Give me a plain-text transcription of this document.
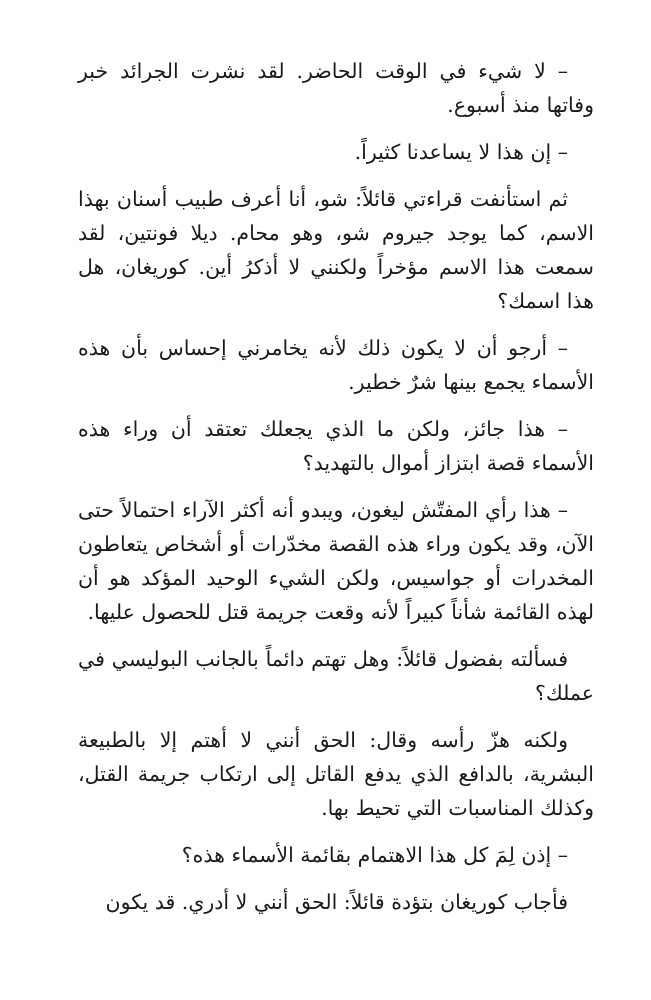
– لا شيء في الوقت الحاضر. لقد نشرت الجرائد خبر وفاتها منذ أسبوع.

– إن هذا لا يساعدنا كثيراً.

ثم استأنفت قراءتي قائلاً: شو، أنا أعرف طبيب أسنان بهذا الاسم، كما يوجد جيروم شو، وهو محام. ديلا فونتين، لقد سمعت هذا الاسم مؤخراً ولكنني لا أذكرُ أين. كوريغان، هل هذا اسمك؟

– أرجو أن لا يكون ذلك لأنه يخامرني إحساس بأن هذه الأسماء يجمع بينها شرٌ خطير.

– هذا جائز، ولكن ما الذي يجعلك تعتقد أن وراء هذه الأسماء قصة ابتزاز أموال بالتهديد؟

– هذا رأي المفتّش ليغون، ويبدو أنه أكثر الآراء احتمالاً حتى الآن، وقد يكون وراء هذه القصة مخدّرات أو أشخاص يتعاطون المخدرات أو جواسيس، ولكن الشيء الوحيد المؤكد هو أن لهذه القائمة شأناً كبيراً لأنه وقعت جريمة قتل للحصول عليها.

فسألته بفضول قائلاً: وهل تهتم دائماً بالجانب البوليسي في عملك؟

ولكنه هزّ رأسه وقال: الحق أنني لا أهتم إلا بالطبيعة البشرية، بالدافع الذي يدفع القاتل إلى ارتكاب جريمة القتل، وكذلك المناسبات التي تحيط بها.

– إذن لِمَ كل هذا الاهتمام بقائمة الأسماء هذه؟

فأجاب كوريغان بتؤدة قائلاً: الحق أنني لا أدري. قد يكون
